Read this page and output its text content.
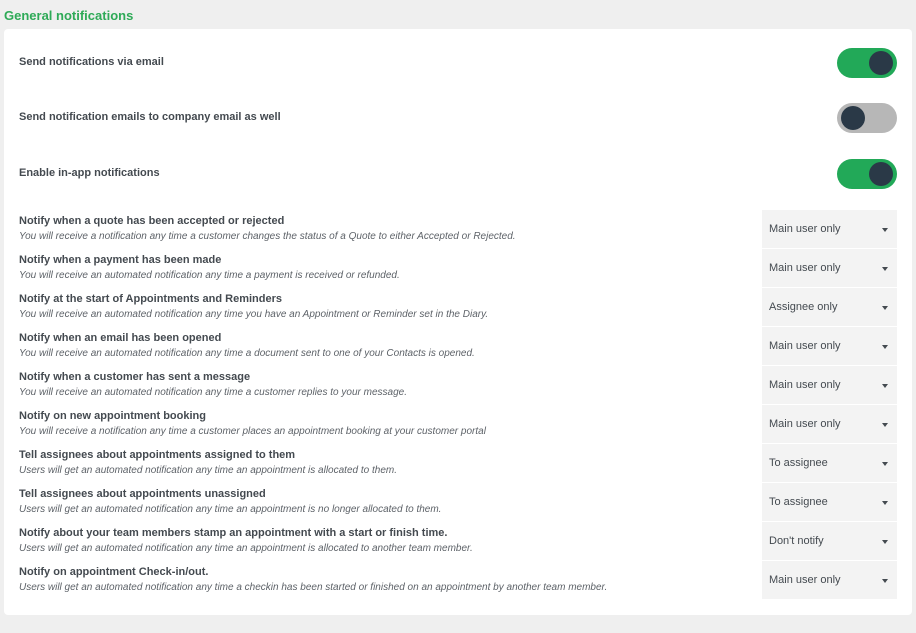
General notifications
Send notifications via email
Send notification emails to company email as well
Enable in-app notifications
Notify when a quote has been accepted or rejected
You will receive a notification any time a customer changes the status of a Quote to either Accepted or Rejected.
Main user only
Notify when a payment has been made
You will receive an automated notification any time a payment is received or refunded.
Main user only
Notify at the start of Appointments and Reminders
You will receive an automated notification any time you have an Appointment or Reminder set in the Diary.
Assignee only
Notify when an email has been opened
You will receive an automated notification any time a document sent to one of your Contacts is opened.
Main user only
Notify when a customer has sent a message
You will receive an automated notification any time a customer replies to your message.
Main user only
Notify on new appointment booking
You will receive a notification any time a customer places an appointment booking at your customer portal
Main user only
Tell assignees about appointments assigned to them
Users will get an automated notification any time an appointment is allocated to them.
To assignee
Tell assignees about appointments unassigned
Users will get an automated notification any time an appointment is no longer allocated to them.
To assignee
Notify about your team members stamp an appointment with a start or finish time.
Users will get an automated notification any time an appointment is allocated to another team member.
Don't notify
Notify on appointment Check-in/out.
Users will get an automated notification any time a checkin has been started or finished on an appointment by another team member.
Main user only
